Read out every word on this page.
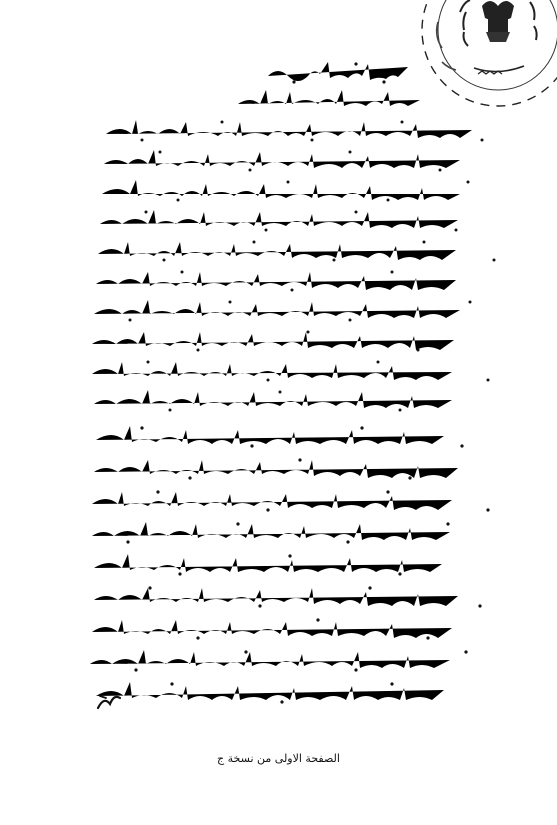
الصفحة الاولى من نسخة ج
